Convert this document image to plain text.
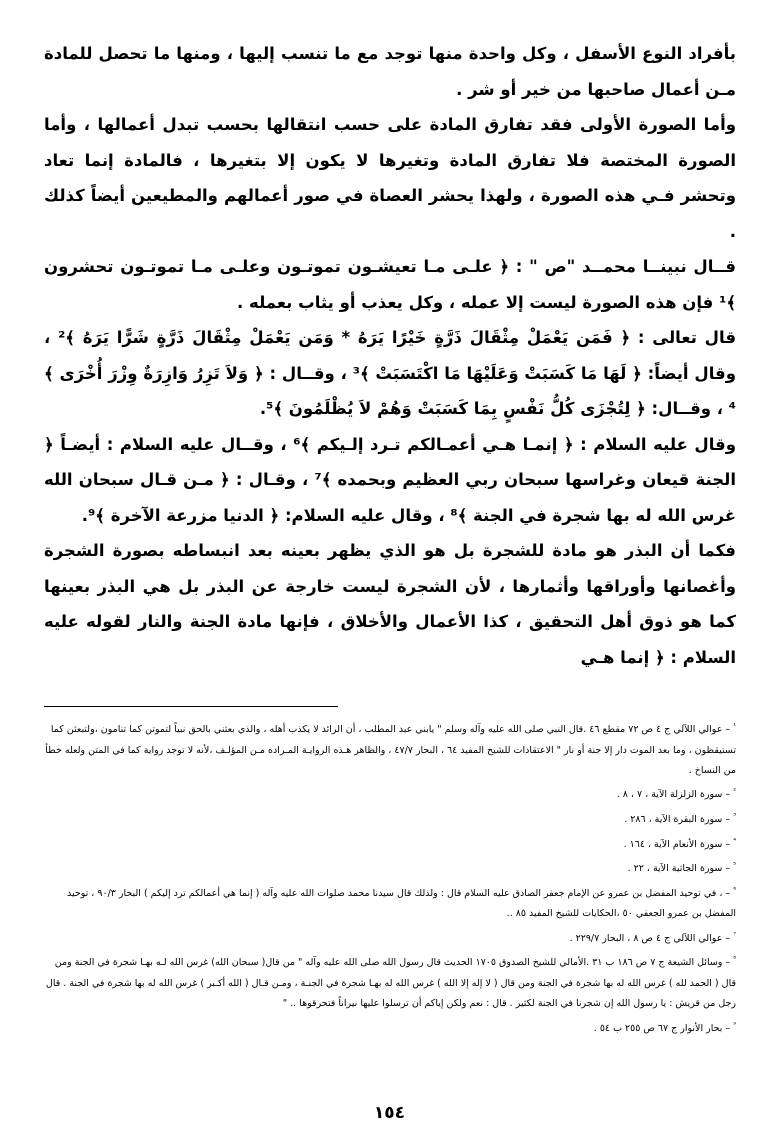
بأفراد النوع الأسفل ، وكل واحدة منها توجد مع ما تنسب إليها ، ومنها ما تحصل للمادة مـن أعمال صاحبها من خير أو شر .

وأما الصورة الأولى فقد تفارق المادة على حسب انتقالها بحسب تبدل أعمالها ، وأما الصورة المختصة فلا تفارق المادة وتغيرها لا يكون إلا بتغيرها ، فالمادة إنما تعاد وتحشر فـي هذه الصورة ، ولهذا يحشر العصاة في صور أعمالهم والمطيعين أيضاً كذلك .

قــال نبينــا محمــد "ص " : ﴿ علـى مـا تعيشـون تموتـون وعلـى مـا تموتـون تحشرون ﴾¹ فإن هذه الصورة ليست إلا عمله ، وكل يعذب أو يثاب بعمله .

قال تعالى : ﴿ فَمَن يَعْمَلْ مِثْقَالَ ذَرَّةٍ خَيْرًا يَرَهُ * وَمَن يَعْمَلْ مِثْقَالَ ذَرَّةٍ شَرًّا يَرَهُ ﴾² ، وقال أيضاً: ﴿ لَهَا مَا كَسَبَتْ وَعَلَيْهَا مَا اكْتَسَبَتْ ﴾³ ، وقــال : ﴿ وَلاَ تَزِرُ وَازِرَةٌ وِزْرَ أُخْرَى ﴾⁴ ، وقــال: ﴿ لِتُجْزَى كُلُّ نَفْسٍ بِمَا كَسَبَتْ وَهُمْ لاَ يُظْلَمُونَ ﴾⁵.

وقال عليه السلام : ﴿ إنمـا هـي أعمـالكم تـرد إلـيكم ﴾⁶ ، وقــال عليه السلام : أيضـاً ﴿ الجنة قيعان وغراسها سبحان ربي العظيم وبحمده ﴾⁷ ، وقـال : ﴿ مـن قـال سبحان الله غرس الله له بها شجرة في الجنة ﴾⁸ ، وقال عليه السلام: ﴿ الدنيا مزرعة الآخرة ﴾⁹.

فكما أن البذر هو مادة للشجرة بل هو الذي يظهر بعينه بعد انبساطه بصورة الشجرة وأغصانها وأوراقها وأثمارها ، لأن الشجرة ليست خارجة عن البذر بل هي البذر بعينها كما هو ذوق أهل التحقيق ، كذا الأعمال والأخلاق ، فإنها مادة الجنة والنار لقوله عليه السلام : ﴿ إنما هـي

$^{^1}$ – عوالي اللآلي ج ٤ ص ٧٢ مقطع ٤٦ .قال النبي صلى الله عليه وآله وسلم " يابني عبد المطلب ، أن الرائد لا يكذب أهله ، والذي بعثني بالحق نبياً لتموتن كما تنامون ،ولتبعثن كما تستيقظون ، وما بعد الموت دار إلا جنة أو نار " الاعتقادات للشيخ المفيد ٦٤ ، البحار ٤٧/٧ ، والظاهر هـذه الروايـة المـراده مـن المؤلـف ،لأنه لا توجد رواية كما في المتن ولعله خطأ من النساخ .

$^{^2}$ – سورة الزلزلة الآية ، ٧ ، ٨ .

$^{^3}$ – سورة البقرة الآية ، ٢٨٦ .

$^{^4}$ – سورة الأنعام الآية ، ١٦٤ .

$^{^5}$ – سورة الجاثية الآية ، ٢٢ .

$^{^6}$ – ، في توحيد المفضل بن عمرو عن الإمام جعفر الصادق عليه السلام قال : ولذلك قال سيدنا محمد صلوات الله عليه وآله ( إنما هي أعمالكم ترد إليكم ) البحار ٩٠/٣ ، توحيد المفضل بن عمرو الجعفي ٥٠ ،الحكايات للشيخ المفيد ٨٥ ..

$^{^7}$ – عوالي اللآلي ج ٤ ص ٨ ، البحار ٢٢٩/٧ .

$^{^8}$ – وسائل الشيعة ج ٧ ص ١٨٦ ب ٣١ .الأمالي للشيخ الصدوق ١٧٠٥ الحديث قال رسول الله صلى الله عليه وآله " من قال( سبحان الله) غرس الله لـه بهـا شجرة في الجنة ومن قال ( الحمد لله ) غرس الله له بها شجرة في الجنة ومن قال ( لا إله إلا الله ) غرس الله له بهـا شجرة في الجنـة ، ومـن قـال ( الله أكـبر ) غرس الله له بها شجرة في الجنة . قال رجل من قريش : يا رسول الله إن شجرنا في الجنة لكثير . قال : نعم ولكن إياكم أن ترسلوا عليها نيراناً فتحرقوها .. "

$^{^9}$ – بحار الأنوار ج ٦٧ ص ٢٥٥ ب ٥٤ .

١٥٤
